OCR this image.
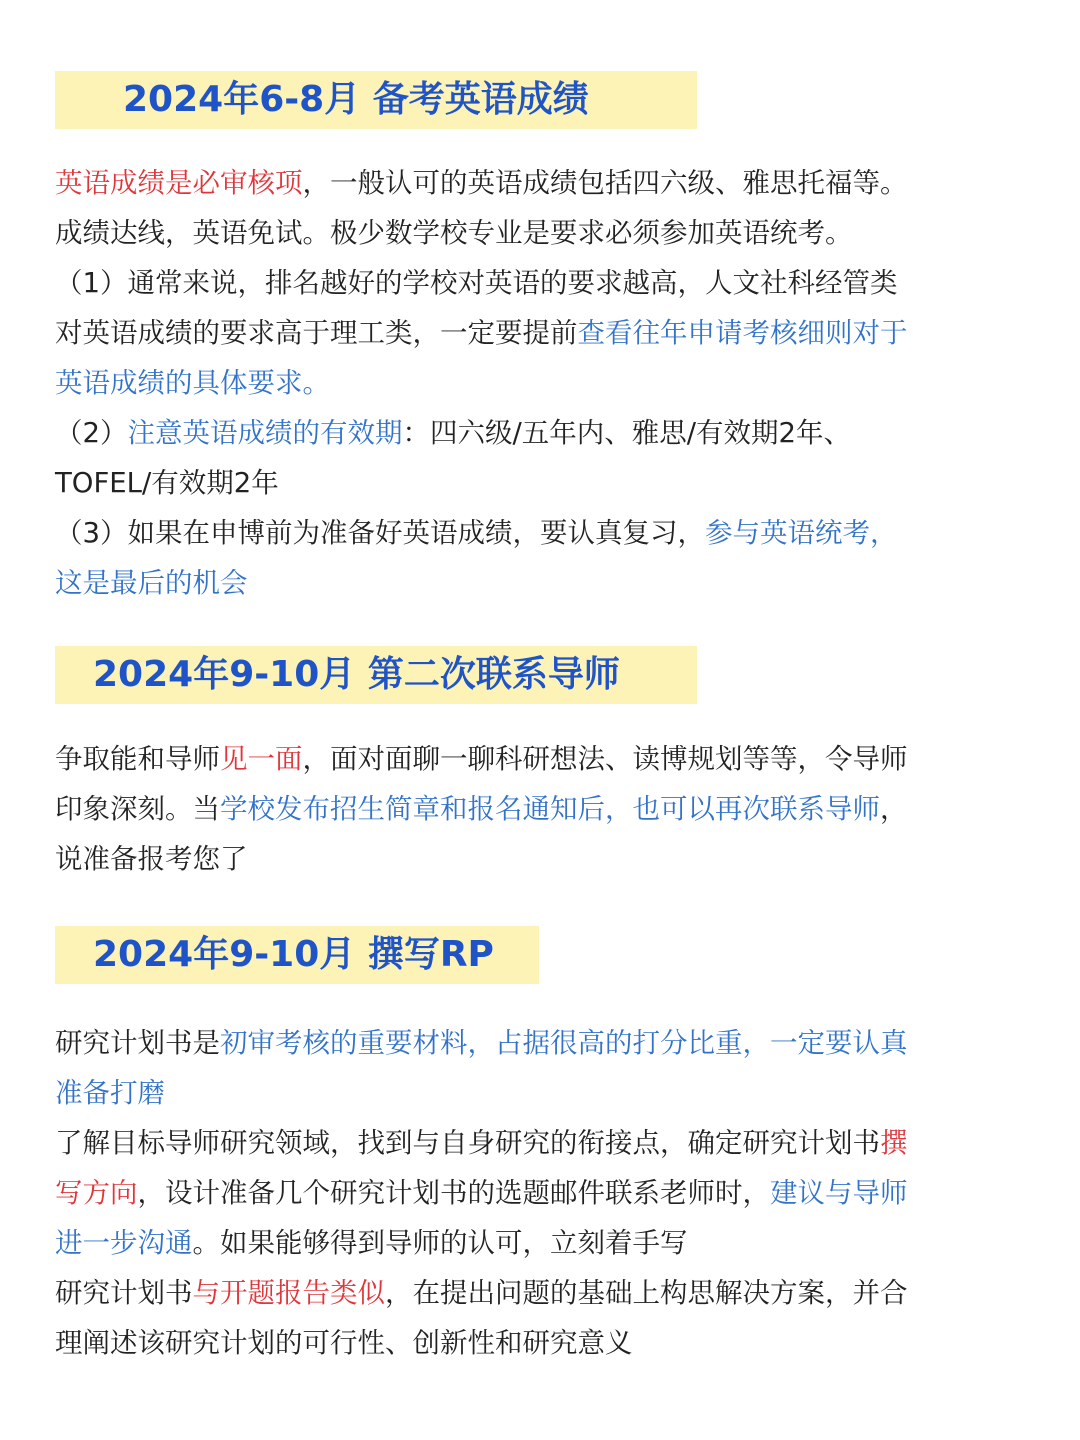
2024年6-8月 备考英语成绩

英语成绩是必审核项，一般认可的英语成绩包括四六级、雅思托福等。

成绩达线，英语免试。极少数学校专业是要求必须参加英语统考。

（1）通常来说，排名越好的学校对英语的要求越高，人文社科经管类

对英语成绩的要求高于理工类，一定要提前查看往年申请考核细则对于

英语成绩的具体要求。

（2）注意英语成绩的有效期：四六级/五年内、雅思/有效期2年、

TOFEL/有效期2年

（3）如果在申博前为准备好英语成绩，要认真复习，参与英语统考，

这是最后的机会

2024年9-10月 第二次联系导师

争取能和导师见一面，面对面聊一聊科研想法、读博规划等等，令导师

印象深刻。当学校发布招生简章和报名通知后，也可以再次联系导师，

说准备报考您了

2024年9-10月 撰写RP

研究计划书是初审考核的重要材料，占据很高的打分比重，一定要认真

准备打磨

了解目标导师研究领域，找到与自身研究的衔接点，确定研究计划书撰

写方向，设计准备几个研究计划书的选题邮件联系老师时，建议与导师

进一步沟通。如果能够得到导师的认可，立刻着手写

研究计划书与开题报告类似，在提出问题的基础上构思解决方案，并合

理阐述该研究计划的可行性、创新性和研究意义
